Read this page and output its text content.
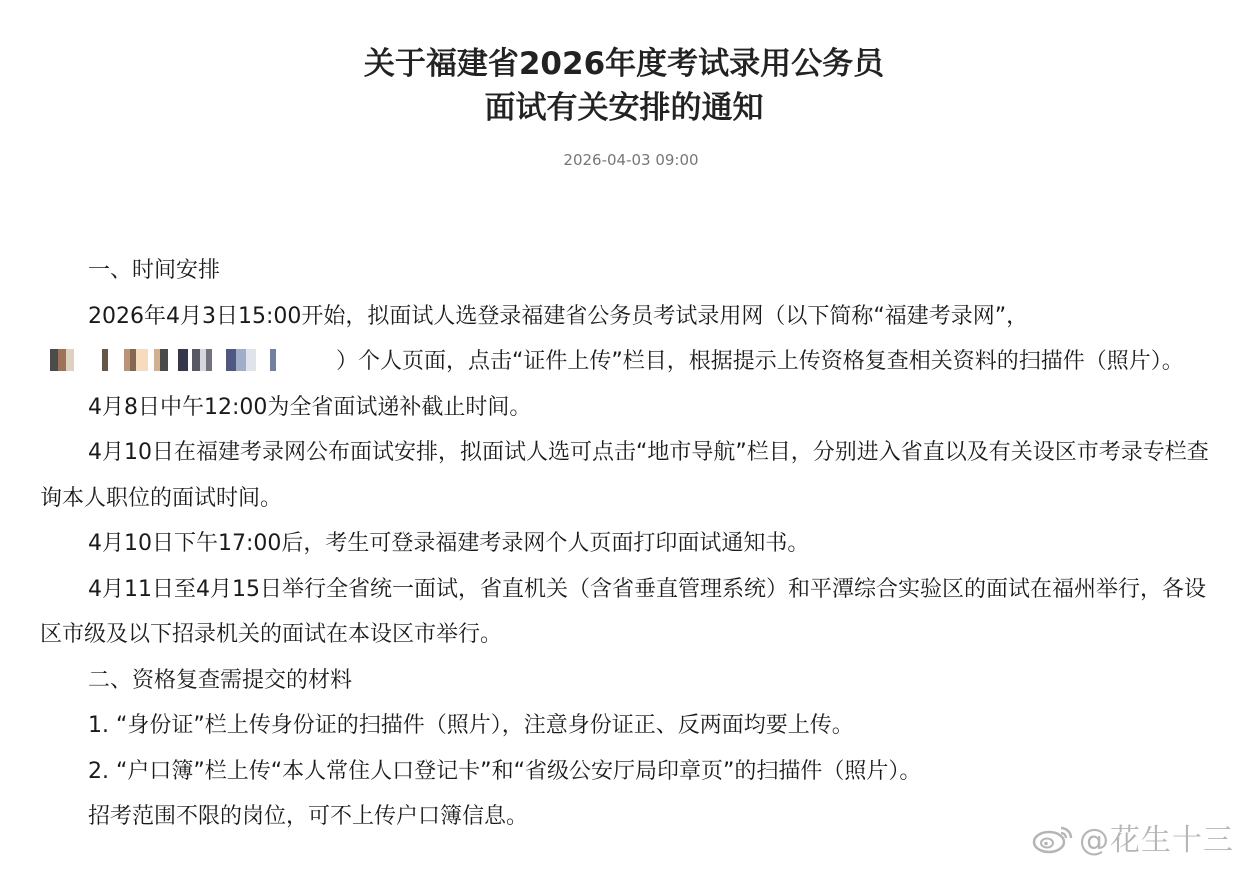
关于福建省2026年度考试录用公务员
面试有关安排的通知
2026-04-03 09:00

一、时间安排

2026年4月3日15:00开始，拟面试人选登录福建省公务员考试录用网（以下简称“福建考录网”，）个人页面，点击“证件上传”栏目，根据提示上传资格复查相关资料的扫描件（照片）。

4月8日中午12:00为全省面试递补截止时间。

4月10日在福建考录网公布面试安排，拟面试人选可点击“地市导航”栏目，分别进入省直以及有关设区市考录专栏查询本人职位的面试时间。

4月10日下午17:00后，考生可登录福建考录网个人页面打印面试通知书。

4月11日至4月15日举行全省统一面试，省直机关（含省垂直管理系统）和平潭综合实验区的面试在福州举行，各设区市级及以下招录机关的面试在本设区市举行。

二、资格复查需提交的材料

1. “身份证”栏上传身份证的扫描件（照片），注意身份证正、反两面均要上传。

2. “户口簿”栏上传“本人常住人口登记卡”和“省级公安厅局印章页”的扫描件（照片）。

招考范围不限的岗位，可不上传户口簿信息。

@花生十三
